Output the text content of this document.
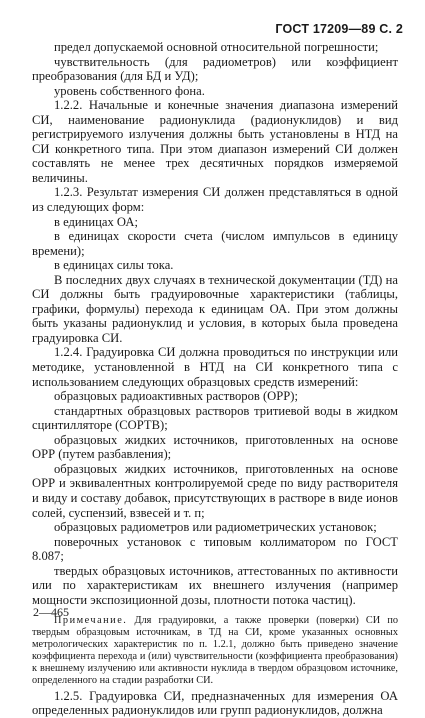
ГОСТ 17209—89 С. 2

предел допускаемой основной относительной погрешности;

чувствительность (для радиометров) или коэффициент преобразования (для БД и УД);

уровень собственного фона.

1.2.2. Начальные и конечные значения диапазона измерений СИ, наименование радионуклида (радионуклидов) и вид регистрируемого излучения должны быть установлены в НТД на СИ конкретного типа. При этом диапазон измерений СИ должен составлять не менее трех десятичных порядков измеряемой величины.

1.2.3. Результат измерения СИ должен представляться в одной из следующих форм:

в единицах ОА;

в единицах скорости счета (числом импульсов в единицу времени);

в единицах силы тока.

В последних двух случаях в технической документации (ТД) на СИ должны быть градуировочные характеристики (таблицы, графики, формулы) перехода к единицам ОА. При этом должны быть указаны радионуклид и условия, в которых была проведена градуировка СИ.

1.2.4. Градуировка СИ должна проводиться по инструкции или методике, установленной в НТД на СИ конкретного типа с использованием следующих образцовых средств измерений:

образцовых радиоактивных растворов (ОРР);

стандартных образцовых растворов тритиевой воды в жидком сцинтилляторе (СОРТВ);

образцовых жидких источников, приготовленных на основе ОРР (путем разбавления);

образцовых жидких источников, приготовленных на основе ОРР и эквивалентных контролируемой среде по виду растворителя и виду и составу добавок, присутствующих в растворе в виде ионов солей, суспензий, взвесей и т. п;

образцовых радиометров или радиометрических установок;

поверочных установок с типовым коллиматором по ГОСТ 8.087;

твердых образцовых источников, аттестованных по активности или по характеристикам их внешнего излучения (например мощности экспозиционной дозы, плотности потока частиц).

Примечание. Для градуировки, а также проверки (поверки) СИ по твердым образцовым источникам, в ТД на СИ, кроме указанных основных метрологических характеристик по п. 1.2.1, должно быть приведено значение коэффициента перехода и (или) чувствительности (коэффициента преобразования) к внешнему излучению или активности нуклида в твердом образцовом источнике, определенного на стадии разработки СИ.

1.2.5. Градуировка СИ, предназначенных для измерения ОА определенных радионуклидов или групп радионуклидов, должна

2—465
